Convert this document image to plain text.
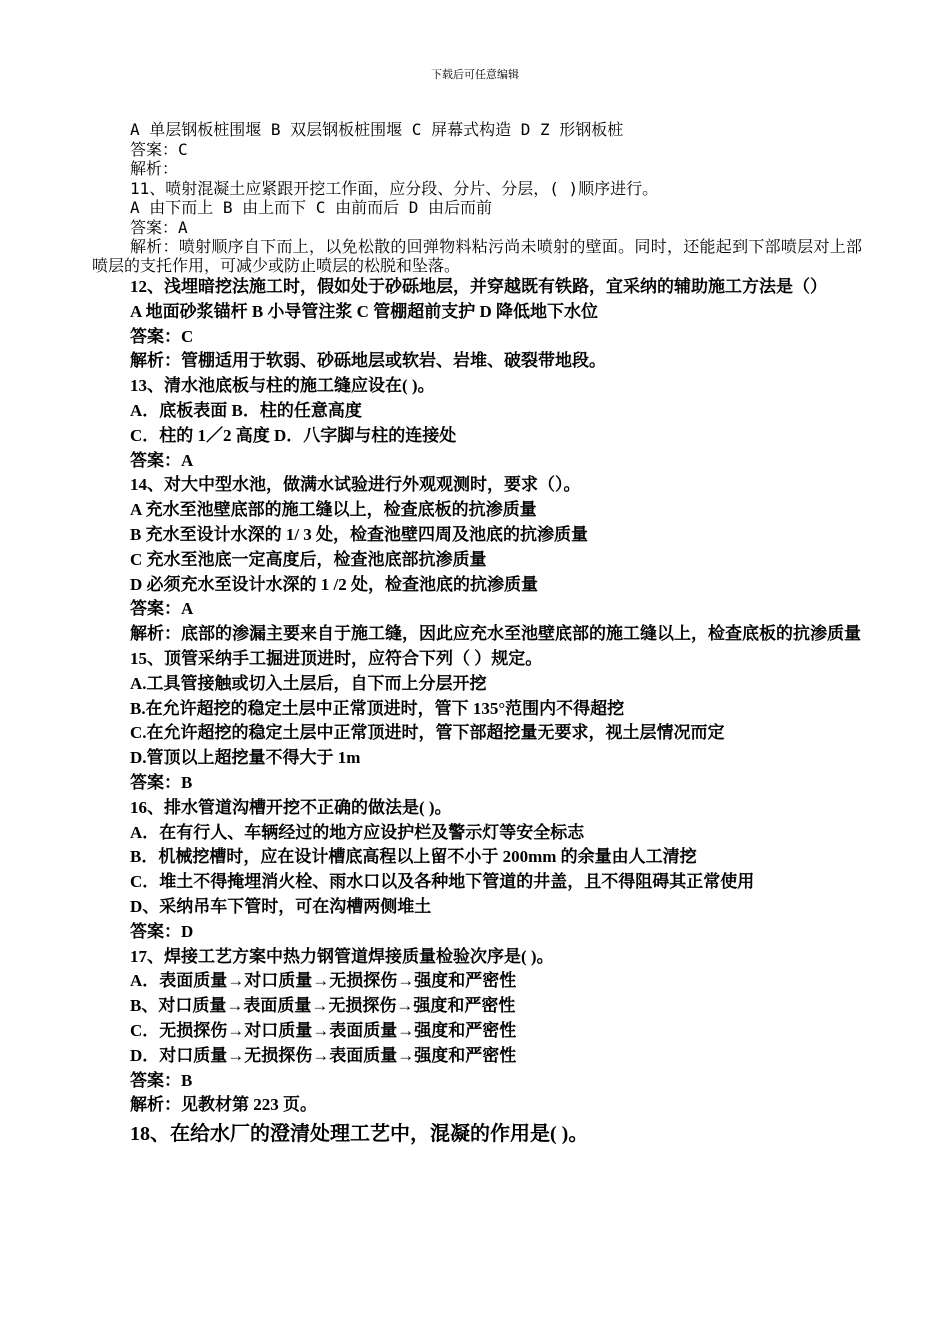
下载后可任意编辑
A 单层钢板桩围堰 B 双层钢板桩围堰 C 屏幕式构造 D Z 形钢板桩
答案：C
解析：
11、喷射混凝土应紧跟开挖工作面，应分段、分片、分层，( )顺序进行。
A 由下而上 B 由上而下 C 由前而后 D 由后而前
答案：A
解析：喷射顺序自下而上，以免松散的回弹物料粘污尚未喷射的壁面。同时，还能起到下部喷层对上部喷层的支托作用，可减少或防止喷层的松脱和坠落。
12、浅埋暗挖法施工时，假如处于砂砾地层，并穿越既有铁路，宜采纳的辅助施工方法是（）
A 地面砂浆锚杆 B 小导管注浆 C 管棚超前支护 D 降低地下水位
答案：C
解析：管棚适用于软弱、砂砾地层或软岩、岩堆、破裂带地段。
13、清水池底板与柱的施工缝应设在( )。
A．底板表面 B．柱的任意高度
C．柱的 1／2 高度 D．八字脚与柱的连接处
答案：A
14、对大中型水池，做满水试验进行外观观测时，要求（）。
A 充水至池壁底部的施工缝以上，检查底板的抗渗质量
B 充水至设计水深的 1/ 3 处，检查池壁四周及池底的抗渗质量
C 充水至池底一定高度后，检查池底部抗渗质量
D 必须充水至设计水深的 1 /2 处，检查池底的抗渗质量
答案：A
解析：底部的渗漏主要来自于施工缝，因此应充水至池壁底部的施工缝以上，检查底板的抗渗质量
15、顶管采纳手工掘进顶进时，应符合下列（ ）规定。
A.工具管接触或切入土层后，自下而上分层开挖
B.在允许超挖的稳定土层中正常顶进时，管下 135°范围内不得超挖
C.在允许超挖的稳定土层中正常顶进时，管下部超挖量无要求，视土层情况而定
D.管顶以上超挖量不得大于 1m
答案：B
16、排水管道沟槽开挖不正确的做法是( )。
A．在有行人、车辆经过的地方应设护栏及警示灯等安全标志
B．机械挖槽时，应在设计槽底高程以上留不小于 200mm 的余量由人工清挖
C．堆土不得掩埋消火栓、雨水口以及各种地下管道的井盖，且不得阻碍其正常使用
D、采纳吊车下管时，可在沟槽两侧堆土
答案：D
17、焊接工艺方案中热力钢管道焊接质量检验次序是( )。
A．表面质量→对口质量→无损探伤→强度和严密性
B、对口质量→表面质量→无损探伤→强度和严密性
C．无损探伤→对口质量→表面质量→强度和严密性
D．对口质量→无损探伤→表面质量→强度和严密性
答案：B
解析：见教材第 223 页。
18、在给水厂的澄清处理工艺中，混凝的作用是( )。
